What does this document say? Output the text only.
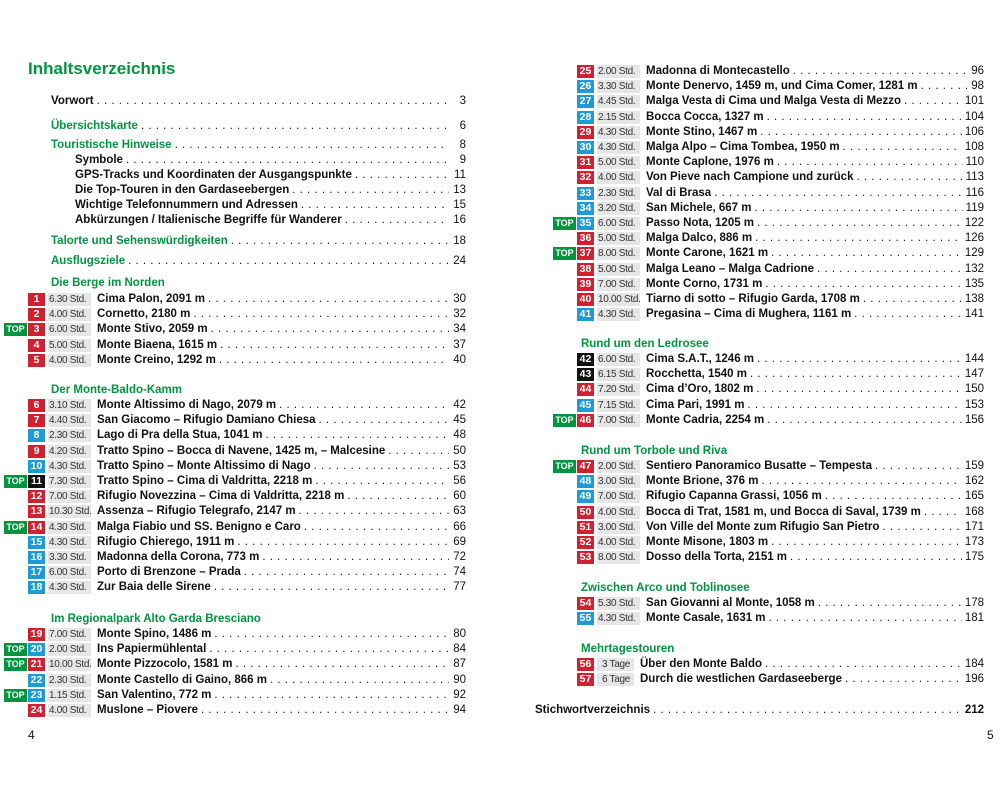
Inhaltsverzeichnis
Vorwort . . .	3
Übersichtskarte . . .	6
Touristische Hinweise . . .	8
Symbole . . .	9
GPS-Tracks und Koordinaten der Ausgangspunkte . . .	11
Die Top-Touren in den Gardaseebergen . . .	13
Wichtige Telefonnummern und Adressen . . .	15
Abkürzungen / Italienische Begriffe für Wanderer . . .	16
Talorte und Sehenswürdigkeiten . . .	18
Ausflugsziele . . .	24
Die Berge im Norden
1 6.30 Std. Cima Palon, 2091 m . . .	30
2 4.00 Std. Cornetto, 2180 m . . .	32
TOP 3 6.00 Std. Monte Stivo, 2059 m . . .	34
4 5.00 Std. Monte Biaena, 1615 m . . .	37
5 4.00 Std. Monte Creino, 1292 m . . .	40
Der Monte-Baldo-Kamm
6 3.10 Std. Monte Altissimo di Nago, 2079 m . . .	42
7 4.40 Std. San Giacomo – Rifugio Damiano Chiesa . . .	45
8 2.30 Std. Lago di Pra della Stua, 1041 m . . .	48
9 4.20 Std. Tratto Spino – Bocca di Navene, 1425 m, – Malcesine . . .	50
10 4.30 Std. Tratto Spino – Monte Altissimo di Nago . . .	53
TOP 11 7.30 Std. Tratto Spino – Cima di Valdritta, 2218 m . . .	56
12 7.00 Std. Rifugio Novezzina – Cima di Valdritta, 2218 m . . .	60
13 10.30 Std. Assenza – Rifugio Telegrafo, 2147 m . . .	63
TOP 14 4.30 Std. Malga Fiabio und SS. Benigno e Caro . . .	66
15 4.30 Std. Rifugio Chierego, 1911 m . . .	69
16 3.30 Std. Madonna della Corona, 773 m . . .	72
17 6.00 Std. Porto di Brenzone – Prada . . .	74
18 4.30 Std. Zur Baia delle Sirene . . .	77
Im Regionalpark Alto Garda Bresciano
19 7.00 Std. Monte Spino, 1486 m . . .	80
TOP 20 2.00 Std. Ins Papiermühlental . . .	84
TOP 21 10.00 Std. Monte Pizzocolo, 1581 m . . .	87
22 2.30 Std. Monte Castello di Gaino, 866 m . . .	90
TOP 23 1.15 Std. San Valentino, 772 m . . .	92
24 4.00 Std. Muslone – Piovere . . .	94
4
25 2.00 Std. Madonna di Montecastello . . .	96
26 3.30 Std. Monte Denervo, 1459 m, und Cima Comer, 1281 m . . .	98
27 4.45 Std. Malga Vesta di Cima und Malga Vesta di Mezzo . . .	101
28 2.15 Std. Bocca Cocca, 1327 m . . .	104
29 4.30 Std. Monte Stino, 1467 m . . .	106
30 4.30 Std. Malga Alpo – Cima Tombea, 1950 m . . .	108
31 5.00 Std. Monte Caplone, 1976 m . . .	110
32 4.00 Std. Von Pieve nach Campione und zurück . . .	113
33 2.30 Std. Val di Brasa . . .	116
34 3.20 Std. San Michele, 667 m . . .	119
TOP 35 6.00 Std. Passo Nota, 1205 m . . .	122
36 5.00 Std. Malga Dalco, 886 m . . .	126
TOP 37 8.00 Std. Monte Carone, 1621 m . . .	129
38 5.00 Std. Malga Leano – Malga Cadrione . . .	132
39 7.00 Std. Monte Corno, 1731 m . . .	135
40 10.00 Std. Tiarno di sotto – Rifugio Garda, 1708 m . . .	138
41 4.30 Std. Pregasina – Cima di Mughera, 1161 m . . .	141
Rund um den Ledrosee
42 6.00 Std. Cima S.A.T., 1246 m . . .	144
43 6.15 Std. Rocchetta, 1540 m . . .	147
44 7.20 Std. Cima d’Oro, 1802 m . . .	150
45 7.15 Std. Cima Pari, 1991 m . . .	153
TOP 46 7.00 Std. Monte Cadria, 2254 m . . .	156
Rund um Torbole und Riva
TOP 47 2.00 Std. Sentiero Panoramico Busatte – Tempesta . . .	159
48 3.00 Std. Monte Brione, 376 m . . .	162
49 7.00 Std. Rifugio Capanna Grassi, 1056 m . . .	165
50 4.00 Std. Bocca di Trat, 1581 m, und Bocca di Saval, 1739 m . . .	168
51 3.00 Std. Von Ville del Monte zum Rifugio San Pietro . . .	171
52 4.00 Std. Monte Misone, 1803 m . . .	173
53 8.00 Std. Dosso della Torta, 2151 m . . .	175
Zwischen Arco und Toblinosee
54 5.30 Std. San Giovanni al Monte, 1058 m . . .	178
55 4.30 Std. Monte Casale, 1631 m . . .	181
Mehrtagestouren
56	3 Tage Über den Monte Baldo . . .	184
57	6 Tage Durch die westlichen Gardaseeberge . . .	196
Stichwortverzeichnis . . .	212
5
